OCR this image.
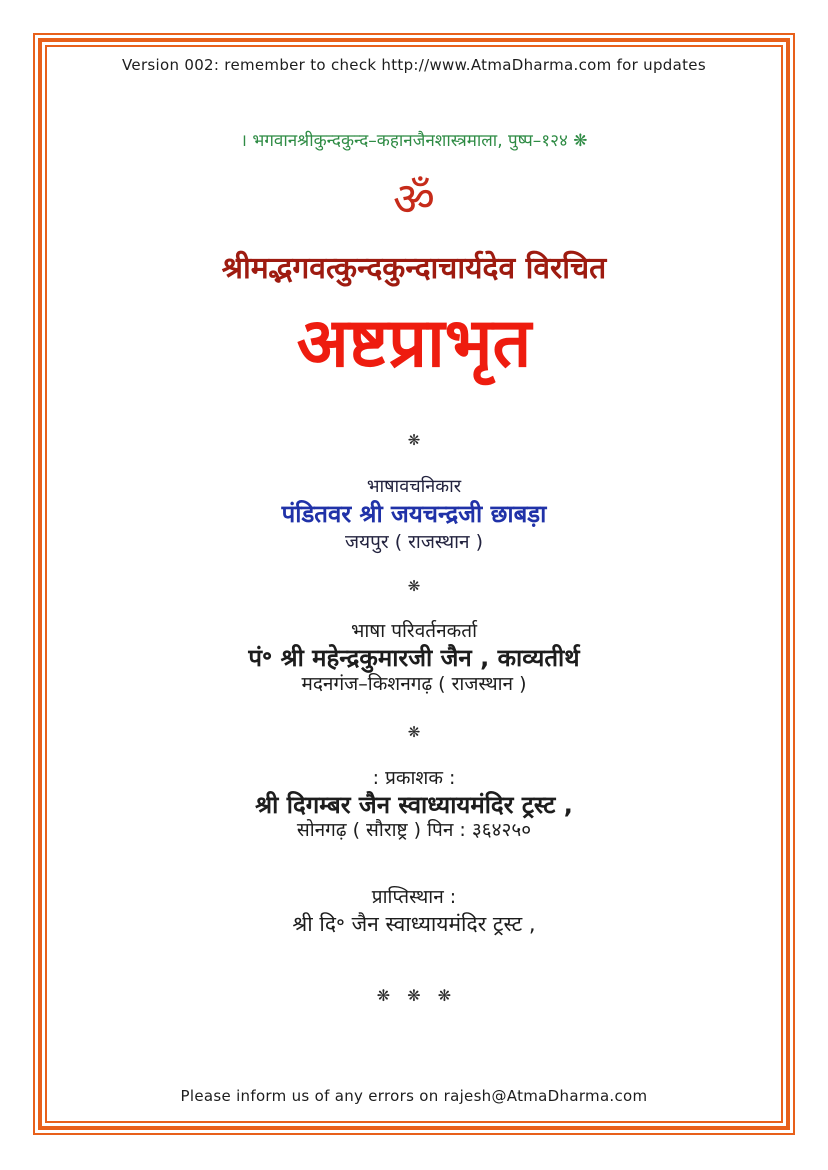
Version 002: remember to check http://www.AtmaDharma.com for updates
। भगवानश्रीकुन्दकुन्द–कहानजैनशास्त्रमाला, पुष्प–१२४ ❋
ॐ
श्रीमद्भगवत्कुन्दकुन्दाचार्यदेव विरचित
अष्टप्राभृत
❋
भाषावचनिकार
पंडितवर श्री जयचन्द्रजी छाबड़ा
जयपुर ( राजस्थान )
❋
भाषा परिवर्तनकर्ता
पं॰ श्री महेन्द्रकुमारजी जैन , काव्यतीर्थ
मदनगंज–किशनगढ़ ( राजस्थान )
❋
: प्रकाशक :
श्री दिगम्बर जैन स्वाध्यायमंदिर ट्रस्ट ,
सोनगढ़ ( सौराष्ट्र ) पिन : ३६४२५०
प्राप्तिस्थान :
श्री दि॰ जैन स्वाध्यायमंदिर ट्रस्ट ,
❋ ❋ ❋
Please inform us of any errors on rajesh@AtmaDharma.com
